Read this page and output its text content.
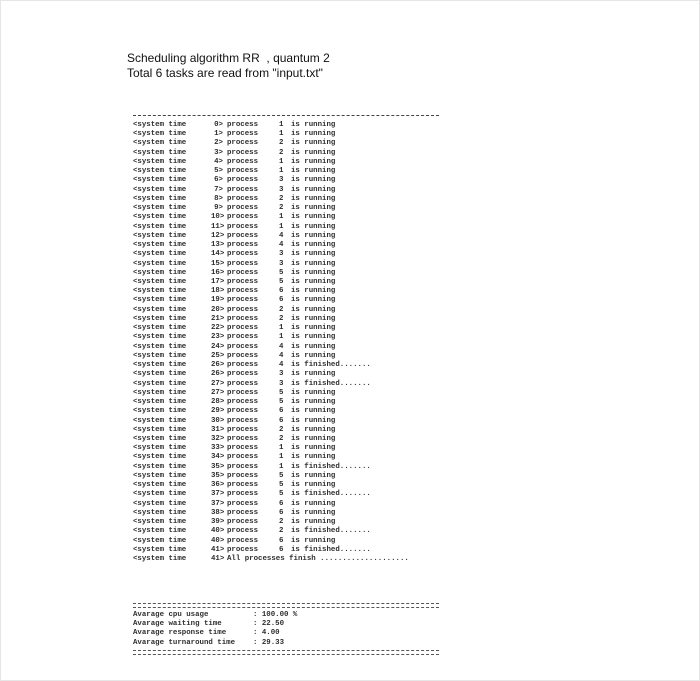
Scheduling algorithm RR  , quantum 2
Total 6 tasks are read from "input.txt"
<system time	0> process	1	is running
<system time	1> process	1	is running
<system time	2> process	2	is running
<system time	3> process	2	is running
<system time	4> process	1	is running
<system time	5> process	1	is running
<system time	6> process	3	is running
<system time	7> process	3	is running
<system time	8> process	2	is running
<system time	9> process	2	is running
<system time	10> process	1	is running
<system time	11> process	1	is running
<system time	12> process	4	is running
<system time	13> process	4	is running
<system time	14> process	3	is running
<system time	15> process	3	is running
<system time	16> process	5	is running
<system time	17> process	5	is running
<system time	18> process	6	is running
<system time	19> process	6	is running
<system time	20> process	2	is running
<system time	21> process	2	is running
<system time	22> process	1	is running
<system time	23> process	1	is running
<system time	24> process	4	is running
<system time	25> process	4	is running
<system time	26> process	4	is finished.......
<system time	26> process	3	is running
<system time	27> process	3	is finished.......
<system time	27> process	5	is running
<system time	28> process	5	is running
<system time	29> process	6	is running
<system time	30> process	6	is running
<system time	31> process	2	is running
<system time	32> process	2	is running
<system time	33> process	1	is running
<system time	34> process	1	is running
<system time	35> process	1	is finished.......
<system time	35> process	5	is running
<system time	36> process	5	is running
<system time	37> process	5	is finished.......
<system time	37> process	6	is running
<system time	38> process	6	is running
<system time	39> process	2	is running
<system time	40> process	2	is finished.......
<system time	40> process	6	is running
<system time	41> process	6	is finished.......
<system time	41> All processes finish ....................
Avarage cpu usage	: 100.00 %
Avarage waiting time	: 22.50
Avarage response time	: 4.00
Avarage turnaround time	: 29.33
